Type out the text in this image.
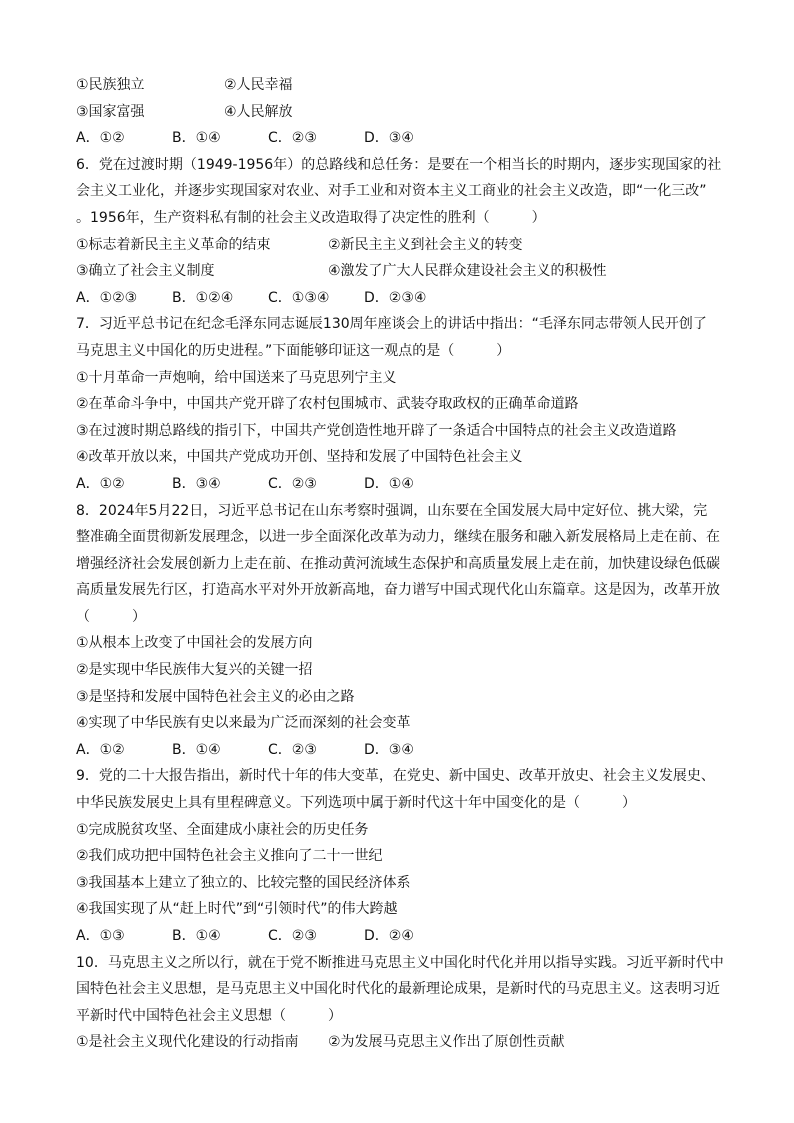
①民族独立	②人民幸福
③国家富强	④人民解放
A．①②	B．①④	C．②③	D．③④
6．党在过渡时期（1949-1956年）的总路线和总任务：是要在一个相当长的时期内，逐步实现国家的社
会主义工业化，并逐步实现国家对农业、对手工业和对资本主义工商业的社会主义改造，即“一化三改”
。1956年，生产资料私有制的社会主义改造取得了决定性的胜利（　　　）
①标志着新民主主义革命的结束	②新民主主义到社会主义的转变
③确立了社会主义制度	④激发了广大人民群众建设社会主义的积极性
A．①②③	B．①②④	C．①③④	D．②③④
7．习近平总书记在纪念毛泽东同志诞辰130周年座谈会上的讲话中指出：“毛泽东同志带领人民开创了
马克思主义中国化的历史进程。”下面能够印证这一观点的是（　　　）
①十月革命一声炮响，给中国送来了马克思列宁主义
②在革命斗争中，中国共产党开辟了农村包围城市、武装夺取政权的正确革命道路
③在过渡时期总路线的指引下，中国共产党创造性地开辟了一条适合中国特点的社会主义改造道路
④改革开放以来，中国共产党成功开创、坚持和发展了中国特色社会主义
A．①②	B．③④	C．②③	D．①④
8．2024年5月22日，习近平总书记在山东考察时强调，山东要在全国发展大局中定好位、挑大梁，完
整准确全面贯彻新发展理念，以进一步全面深化改革为动力，继续在服务和融入新发展格局上走在前、在
增强经济社会发展创新力上走在前、在推动黄河流域生态保护和高质量发展上走在前，加快建设绿色低碳
高质量发展先行区，打造高水平对外开放新高地，奋力谱写中国式现代化山东篇章。这是因为，改革开放
（　　　）
①从根本上改变了中国社会的发展方向
②是实现中华民族伟大复兴的关键一招
③是坚持和发展中国特色社会主义的必由之路
④实现了中华民族有史以来最为广泛而深刻的社会变革
A．①②	B．①④	C．②③	D．③④
9．党的二十大报告指出，新时代十年的伟大变革，在党史、新中国史、改革开放史、社会主义发展史、
中华民族发展史上具有里程碑意义。下列选项中属于新时代这十年中国变化的是（　　　）
①完成脱贫攻坚、全面建成小康社会的历史任务
②我们成功把中国特色社会主义推向了二十一世纪
③我国基本上建立了独立的、比较完整的国民经济体系
④我国实现了从“赶上时代”到“引领时代”的伟大跨越
A．①③	B．①④	C．②③	D．②④
10．马克思主义之所以行，就在于党不断推进马克思主义中国化时代化并用以指导实践。习近平新时代中
国特色社会主义思想，是马克思主义中国化时代化的最新理论成果，是新时代的马克思主义。这表明习近
平新时代中国特色社会主义思想（　　　）
①是社会主义现代化建设的行动指南	②为发展马克思主义作出了原创性贡献
